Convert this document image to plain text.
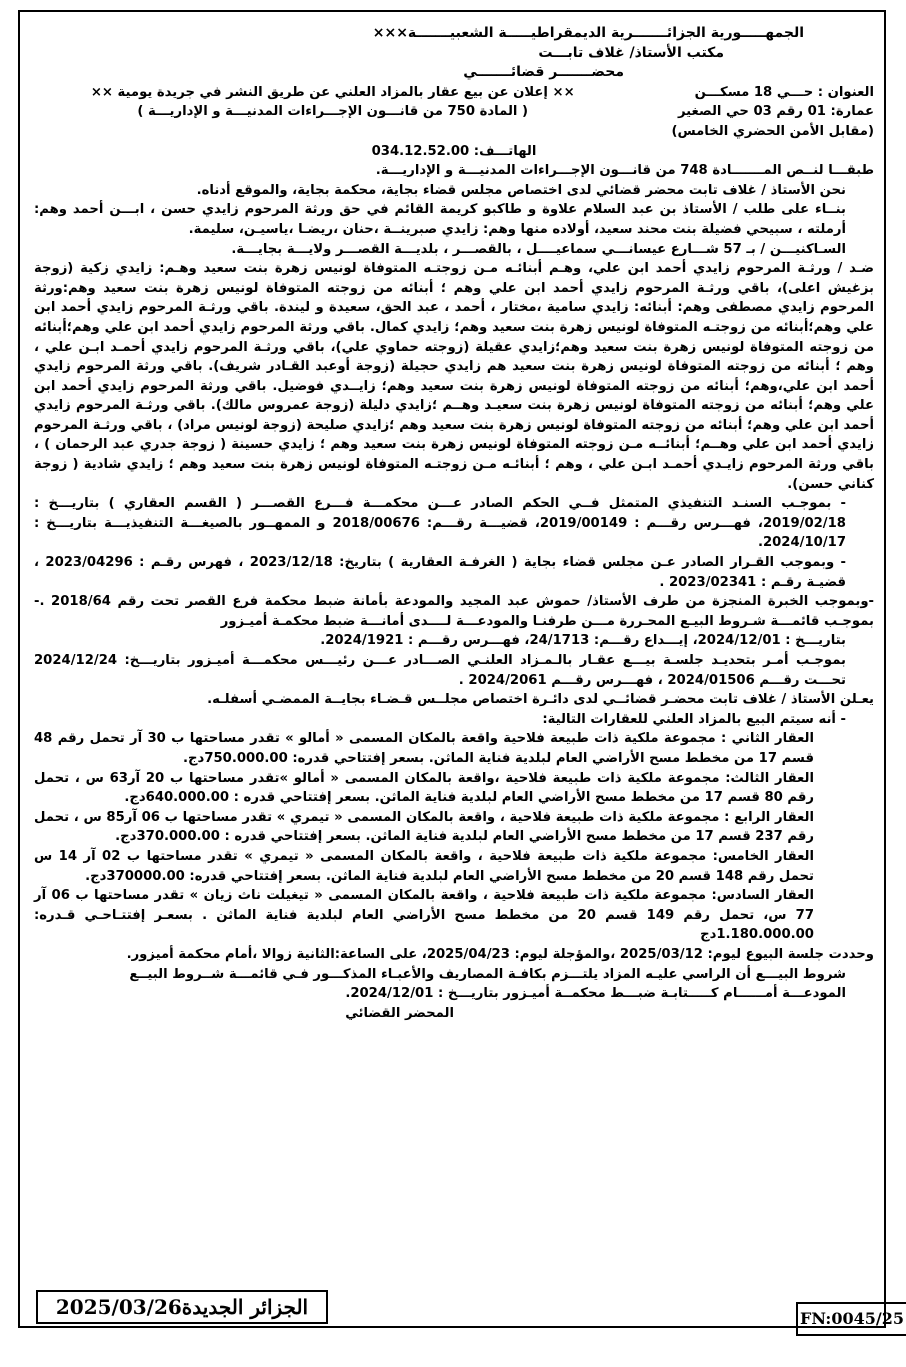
الجمهـــــورية الجزائـــــــرية الديمقراطيـــــة الشعبيـــــــة×××

مكتب الأستاذ/ غلاف تابـــت

محضـــــــر قضائـــــــي

العنوان : حـــي 18 مسكـــن

عمارة: 01 رقم 03 حي الصغير

(مقابل الأمن الحضري الخامس)

×× إعلان عن بيع عقار بالمزاد العلني عن طريق النشر في جريدة يومية ××

( المادة 750 من قانـــون الإجـــراءات المدنيـــة و الإداريـــة )

الهاتـــف: 034.12.52.00

طبقـــا لنــص المـــــــادة 748 من قانـــون الإجـــراءات المدنيـــة و الإداريـــة.

نحن الأستاذ / غلاف تابت محضر قضائي لدى اختصاص مجلس قضاء بجاية، محكمة بجاية، والموقع أدناه.

بنــاء على طلب / الأستاذ بن عبد السلام علاوة و طاكبو كريمة القائم في حق ورثة المرحوم زايدي حسن ، ابـــن أحمد وهم: أرملته ، سبيحي فضيلة بنت محند سعيد، أولاده منها وهم: زايدي صبرينــة ،حنان ،ريضـا ،ياسيـن، سليمة.

السـاكنيـــن / بـ 57 شـــارع عيسانـــي سماعيــــل ، بالقصـــر ، بلديـــة القصـــر ولايـــة بجايـــة.

ضـد / ورثـة المرحوم زايدي أحمد ابن علي، وهـم أبنائـه مـن زوجتـه المتوفاة لونيس زهرة بنت سعيد وهـم: زايدي زكية (زوجة بزغيش اعلى)، باقي ورثـة المرحوم زايدي أحمد ابن علي وهم ؛ أبنائه من زوجته المتوفاة لونيس زهرة بنت سعيد وهم:ورثة المرحوم زايدي مصطفى وهم: أبنائه: زايدي سامية ،مختار ، أحمد ، عبد الحق، سعيدة و ليندة. باقي ورثـة المرحوم زايدي أحمد ابن علي وهم؛أبنائه من زوجتـه المتوفاة لونيس زهرة بنت سعيد وهم؛ زايدي كمال. باقي ورثة المرحوم زايدي أحمد ابن علي وهم؛أبنائه من زوجته المتوفاة لونيس زهرة بنت سعيد وهم؛زايدي عقيلة (زوجته حماوي علي)، باقي ورثـة المرحوم زايدي أحمـد ابـن علي ، وهم ؛ أبنائه من زوجته المتوفاة لونيس زهرة بنت سعيد هم زايدي حجيلة (زوجة أوعبد القـادر شريف). باقي ورثة المرحوم زايدي أحمد ابن علي،وهم؛ أبنائه من زوجته المتوفاة لونيس زهرة بنت سعيد وهم؛ زايــدي فوضيل. باقي ورثة المرحوم زايدي أحمد ابن علي وهم؛ أبنائه من زوجته المتوفاة لونيس زهرة بنت سعيـد وهــم ؛زايدي دليلة (زوجة عمروس مالك). باقي ورثـة المرحوم زايدي أحمد ابن علي وهم؛ أبنائه من زوجته المتوفاة لونيس زهرة بنت سعيد وهم ؛زايدي صليحة (زوجة لونيس مراد) ، باقي ورثـة المرحوم زايدي أحمد ابن علي وهــم؛ أبنائــه مـن زوجته المتوفاة لونيس زهرة بنت سعيد وهم ؛ زايدي حسينة ( زوجة جدري عبد الرحمان ) ، باقي ورثة المرحوم زايـدي أحمـد ابـن علي ، وهم ؛ أبنائـه مـن زوجتـه المتوفاة لونيس زهرة بنت سعيد وهم ؛ زايدي شادية ( زوجة كناني حسن).

- بموجـب السنـد التنفيذي المتمثل فــي الحكم الصادر عـــن محكمـــة فـــرع القصـــر ( القسم العقاري ) بتاريـــخ : 2019/02/18، فهـــرس رقـــم : 2019/00149، قضيـــة رقـــم: 2018/00676 و الممهــور بالصيغـــة التنفيذيـــة بتاريـــخ : 2024/10/17.

- وبموجب القـرار الصادر عـن مجلس قضاء بجاية ( الغرفـة العقارية ) بتاريخ: 2023/12/18 ، فهرس رقـم : 2023/04296 ، قضيـة رقـم : 2023/02341 .

-وبموجب الخبرة المنجزة من طرف الأستاذ/ حموش عبد المجيد والمودعة بأمانة ضبط محكمة فرع القصر تحت رقم 2018/64 .- بموجـب قائمـــة شـروط البيـع المحـررة مـــن طرفنـا والمودعـــة لــــدى أمانـــة ضبط محكمـة أميـزور

بتاريـــخ : 2024/12/01، إيـــداع رقـــم: 24/1713، فهـــرس رقـــم : 2024/1921.

بموجـب أمـر بتحديـد جلسـة بيـــع عقـار بالـمـزاد العلنـي الصـــادر عـــن رئيـــس محكمـــة أميـزور بتاريـــخ: 2024/12/24 تحـــت رقـــم 2024/01506 ، فهـــرس رقـــم 2024/2061 .

يعـلن الأستاذ / غلاف تابت محضـر قضائــي لدى دائـرة اختصاص مجلــس قـضـاء بجايــة الممضـي أسفلـه.

- أنه سيتم البيع بالمزاد العلني للعقارات التالية:

العقار الثاني : مجموعة ملكية ذات طبيعة فلاحية واقعة بالمكان المسمى « أمالو » تقدر مساحتها ب 30 آر تحمل رقم 48 قسم 17 من مخطط مسح الأراضي العام لبلدية فناية الماثن. بسعر إفتتاحي قدره: 750.000.00دج.

العقار الثالث: مجموعة ملكية ذات طبيعة فلاحية ،واقعة بالمكان المسمى « أمالو »تقدر مساحتها ب 20 آر63 س ، تحمل رقم 80 قسم 17 من مخطط مسح الأراضي العام لبلدية فناية الماثن. بسعر إفتتاحي قدره : 640.000.00دج.

العقار الرابع : مجموعة ملكية ذات طبيعة فلاحية ، واقعة بالمكان المسمى « تيمري » تقدر مساحتها ب 06 آر85 س ، تحمل رقم 237 قسم 17 من مخطط مسح الأراضي العام لبلدية فناية الماثن. بسعر إفتتاحي قدره : 370.000.00دج.

العقار الخامس: مجموعة ملكية ذات طبيعة فلاحية ، واقعة بالمكان المسمى « تيمري » تقدر مساحتها ب 02 آر 14 س تحمل رقم 148 قسم 20 من مخطط مسح الأراضي العام لبلدية فناية الماثن. بسعر إفتتاحي قدره: 370000.00دج.

العقار السادس: مجموعة ملكية ذات طبيعة فلاحية ، واقعة بالمكان المسمى « تيغيلت ناث زيان » تقدر مساحتها ب 06 آر 77 س، تحمل رقم 149 قسم 20 من مخطط مسح الأراضي العام لبلدية فناية الماثن . بسعـر إفتتـاحـي قـدره: 1.180.000.00دج

وحددت جلسة البيوع ليوم: 2025/03/12 ،والمؤجلة ليوم: 2025/04/23، على الساعة:الثانية زوالا ،أمام محكمة أميزور.

شروط البيـــع أن الراسي عليـه المزاد يلتـــزم بكافـة المصاريف والأعبـاء المذكـــور فـي قائمـــة شــروط البيــع

المودعـــة أمــــــام كـــــتابـة ضبـــط محكمــة أميـزور بتاريـــخ : 2024/12/01.

المحضر القضائي

FN:0045/25
الجزائر الجديدة2025/03/26
